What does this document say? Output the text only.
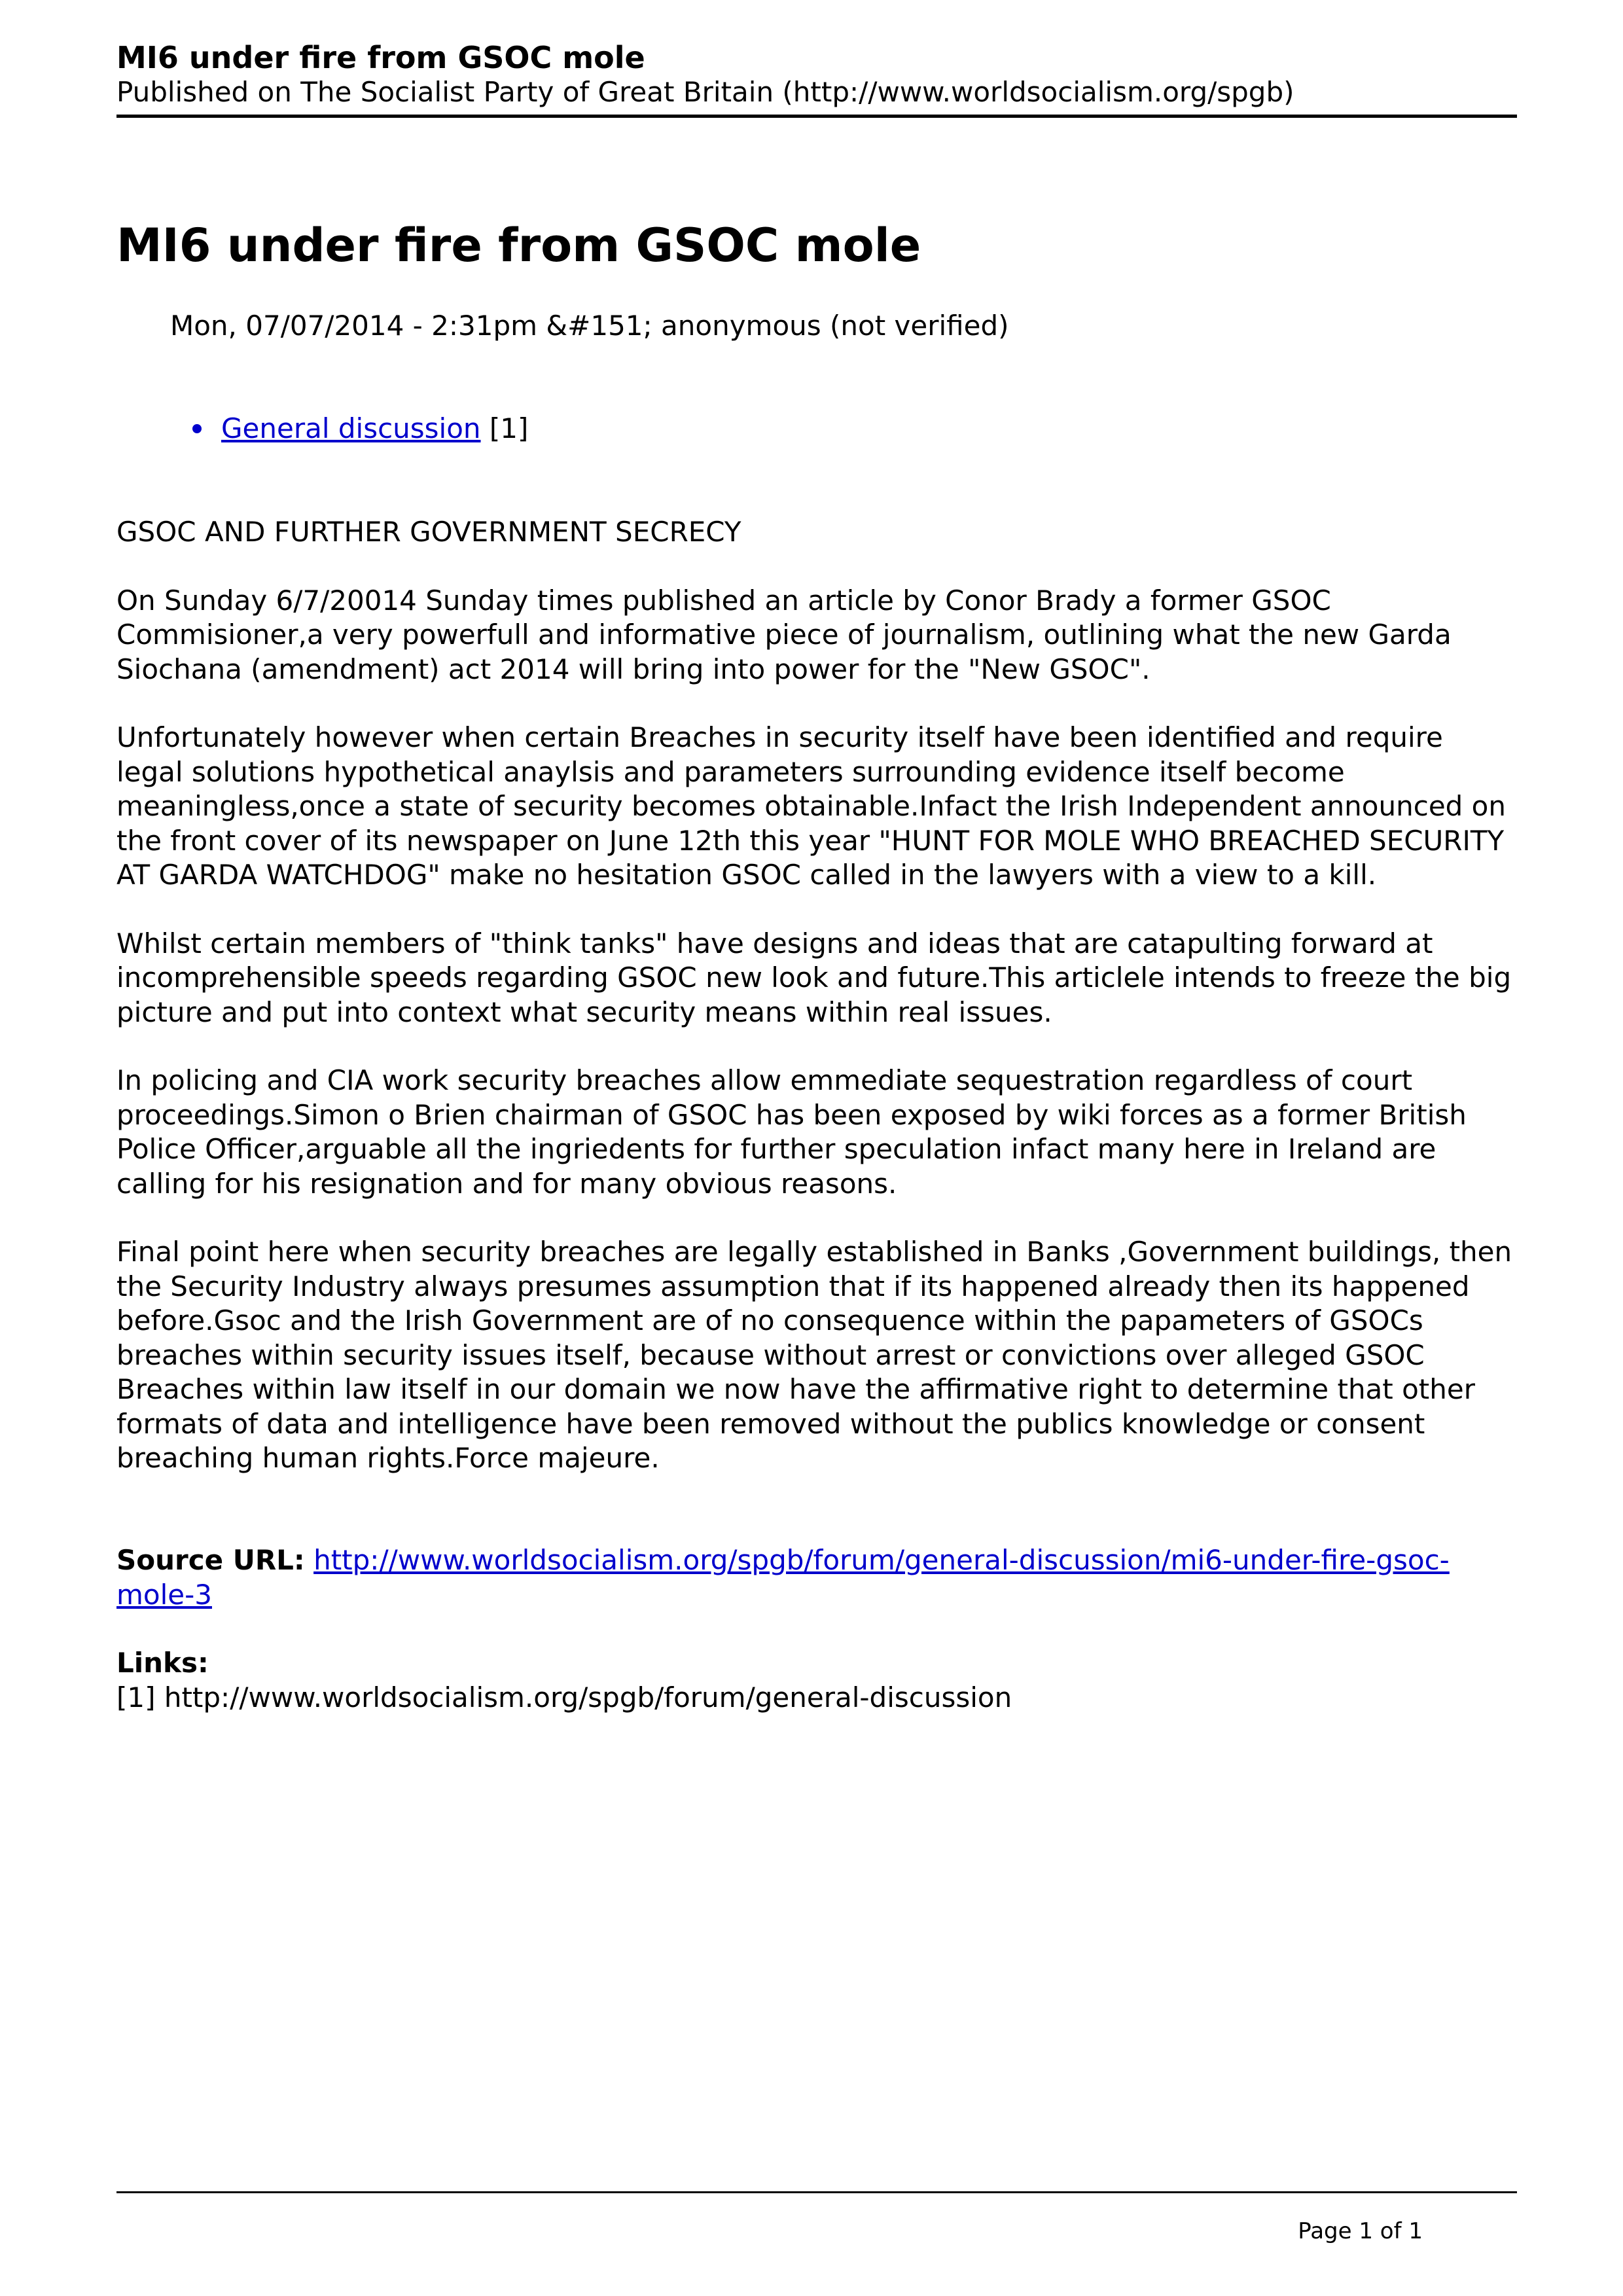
MI6 under fire from GSOC mole
Published on The Socialist Party of Great Britain (http://www.worldsocialism.org/spgb)
MI6 under fire from GSOC mole
Mon, 07/07/2014 - 2:31pm &#151; anonymous (not verified)
General discussion [1]

GSOC AND FURTHER GOVERNMENT SECRECY

On Sunday 6/7/20014 Sunday times published an article by Conor Brady a former GSOC
Commisioner,a very powerfull and informative piece of journalism, outlining what the new Garda
Siochana (amendment) act 2014 will bring into power for the "New GSOC".

Unfortunately however when certain Breaches in security itself have been identified and require
legal solutions hypothetical anaylsis and parameters surrounding evidence itself become
meaningless,once a state of security becomes obtainable.Infact the Irish Independent announced on
the front cover of its newspaper on June 12th this year "HUNT FOR MOLE WHO BREACHED SECURITY
AT GARDA WATCHDOG" make no hesitation GSOC called in the lawyers with a view to a kill.

Whilst certain members of "think tanks" have designs and ideas that are catapulting forward at
incomprehensible speeds regarding GSOC new look and future.This articlele intends to freeze the big
picture and put into context what security means within real issues.

In policing and CIA work security breaches allow emmediate sequestration regardless of court
proceedings.Simon o Brien chairman of GSOC has been exposed by wiki forces as a former British
Police Officer,arguable all the ingriedents for further speculation infact many here in Ireland are
calling for his resignation and for many obvious reasons.

Final point here when security breaches are legally established in Banks ,Government buildings, then
the Security Industry always presumes assumption that if its happened already then its happened
before.Gsoc and the Irish Government are of no consequence within the papameters of GSOCs
breaches within security issues itself, because without arrest or convictions over alleged GSOC
Breaches within law itself in our domain we now have the affirmative right to determine that other
formats of data and intelligence have been removed without the publics knowledge or consent
breaching human rights.Force majeure.

Source URL: http://www.worldsocialism.org/spgb/forum/general-discussion/mi6-under-fire-gsoc-
mole-3
Links:
[1] http://www.worldsocialism.org/spgb/forum/general-discussion
Page 1 of 1
